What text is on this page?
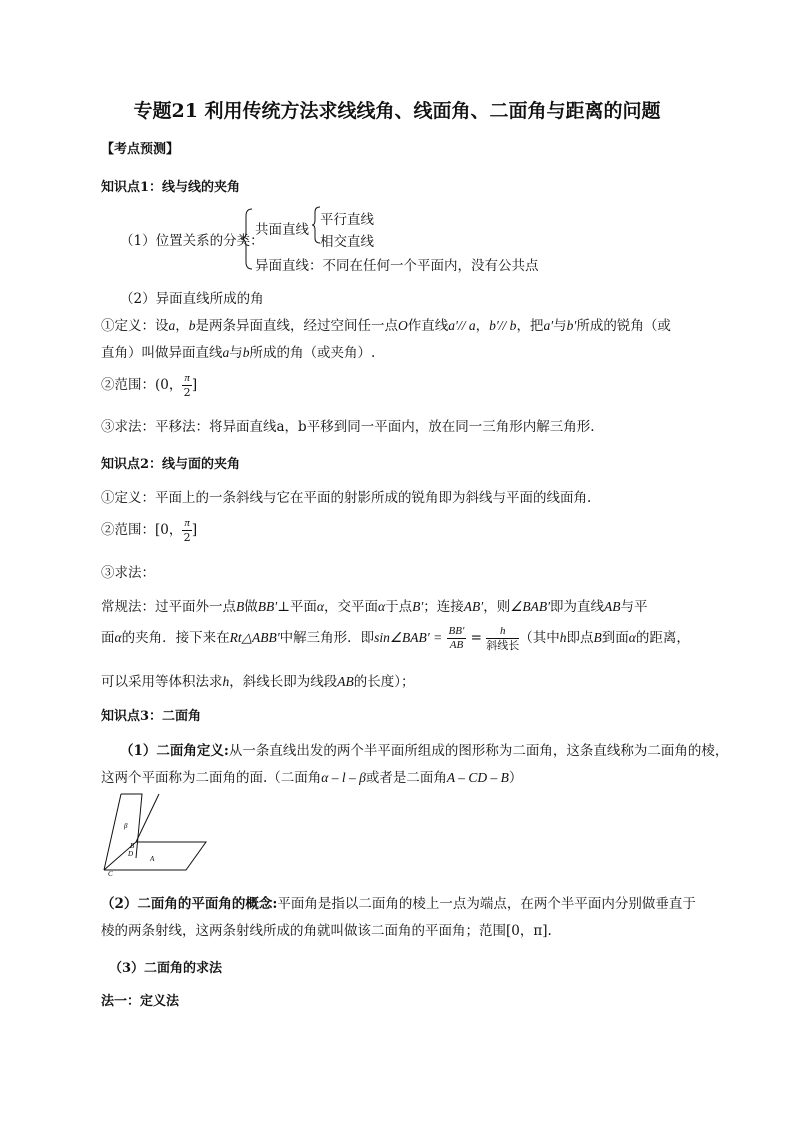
专题21 利用传统方法求线线角、线面角、二面角与距离的问题
【考点预测】
知识点1：线与线的夹角
（1）位置关系的分类：
共面直线
平行直线
相交直线
异面直线：不同在任何一个平面内，没有公共点
（2）异面直线所成的角
①定义：设a，b是两条异面直线，经过空间任一点O作直线a′// a，b′// b，把a′与b′所成的锐角（或
直角）叫做异面直线a与b所成的角（或夹角）.
②范围：(0， $\frac{\pi}{2}$ ]
③求法：平移法：将异面直线a，b平移到同一平面内，放在同一三角形内解三角形.
知识点2：线与面的夹角
①定义：平面上的一条斜线与它在平面的射影所成的锐角即为斜线与平面的线面角.
②范围：[0， $\frac{\pi}{2}$ ]
③求法：
常规法：过平面外一点B做BB′⊥平面α，交平面α于点B′；连接AB′，则∠BAB′即为直线AB与平
面α的夹角．接下来在Rt△ABB′中解三角形．即sin∠BAB′ = $\frac{BB'}{AB} = \frac{h}{\text{斜线长}}$ （其中h即点B到面α的距离，
可以采用等体积法求h，斜线长即为线段AB的长度）；
知识点3：二面角
（1）二面角定义:从一条直线出发的两个半平面所组成的图形称为二面角，这条直线称为二面角的棱，
这两个平面称为二面角的面.（二面角α – l – β或者是二面角A – CD – B）
β
B
D
A
C
（2）二面角的平面角的概念:平面角是指以二面角的棱上一点为端点，在两个半平面内分别做垂直于
棱的两条射线，这两条射线所成的角就叫做该二面角的平面角；范围[0，π].
（3）二面角的求法
法一：定义法
